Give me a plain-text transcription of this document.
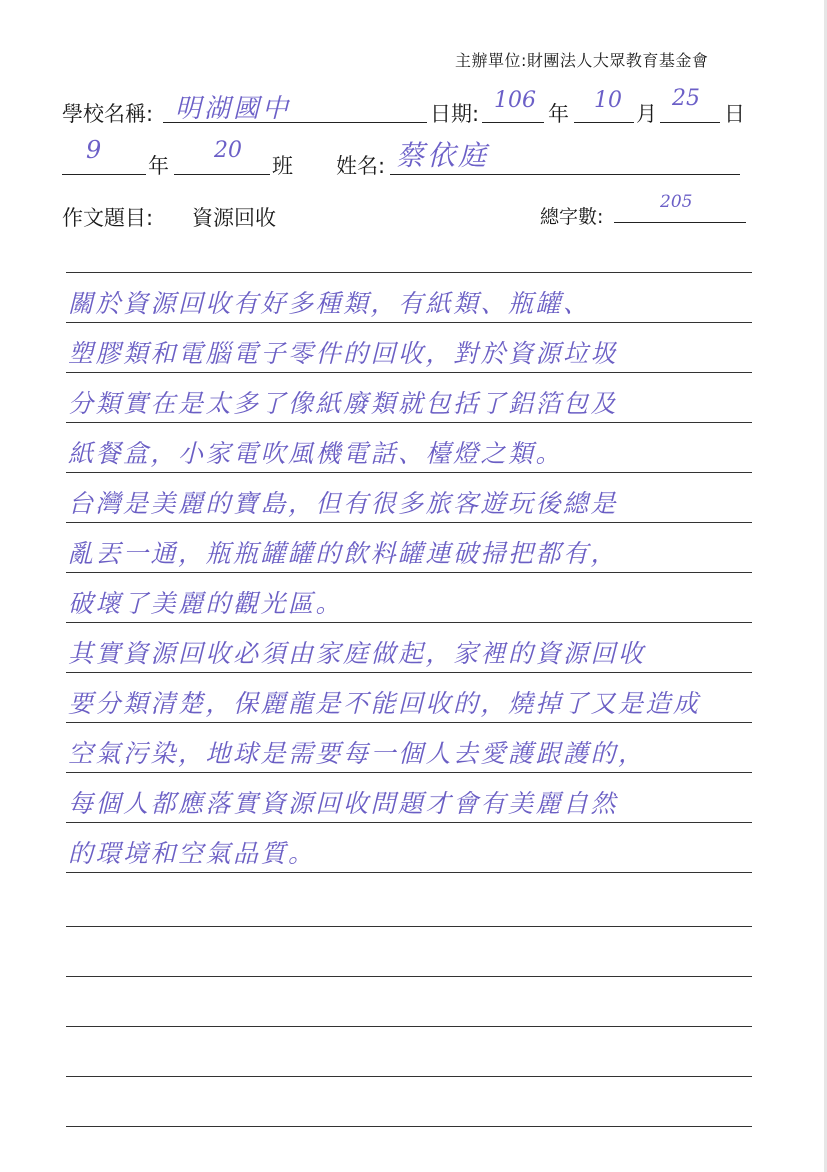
主辦單位:財團法人大眾教育基金會
學校名稱: 明湖國中	日期:
106
年
10
月
25
日
9
年
20
班 姓名: 蔡依庭
作文題目: 資源回收	總字數:
205
關於資源回收有好多種類，有紙類、瓶罐、
塑膠類和電腦電子零件的回收，對於資源垃圾
分類實在是太多了像紙廢類就包括了鋁箔包及
紙餐盒，小家電吹風機電話、檯燈之類。
台灣是美麗的寶島，但有很多旅客遊玩後總是
亂丟一通，瓶瓶罐罐的飲料罐連破掃把都有，
破壞了美麗的觀光區。
其實資源回收必須由家庭做起，家裡的資源回收
要分類清楚，保麗龍是不能回收的，燒掉了又是造成
空氣污染，地球是需要每一個人去愛護跟護的，
每個人都應落實資源回收問題才會有美麗自然
的環境和空氣品質。
